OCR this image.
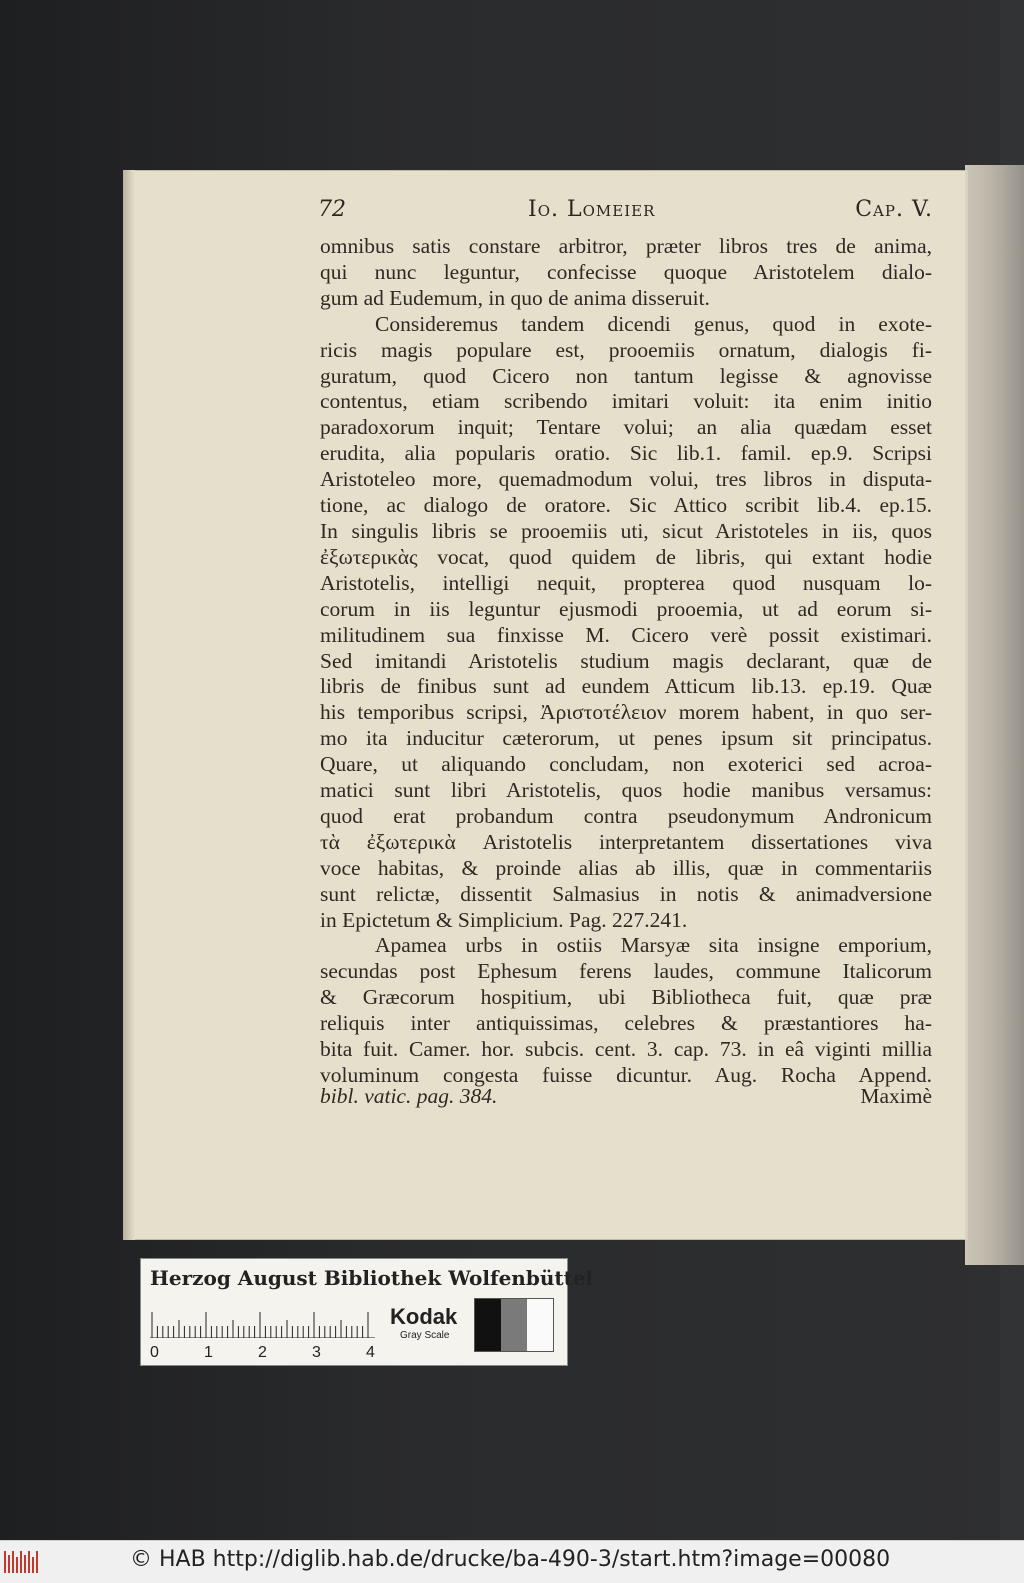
72	Io. Lomeier	Cap. V.
omnibus satis constare arbitror, præter libros tres de anima,
qui nunc leguntur, confecisse quoque Aristotelem dialo-
gum ad Eudemum, in quo de anima disseruit.
Consideremus tandem dicendi genus, quod in exote-
ricis magis populare est, prooemiis ornatum, dialogis fi-
guratum, quod Cicero non tantum legisse & agnovisse
contentus, etiam scribendo imitari voluit: ita enim initio
paradoxorum inquit; Tentare volui; an alia quædam esset
erudita, alia popularis oratio. Sic lib.1. famil. ep.9. Scripsi
Aristoteleo more, quemadmodum volui, tres libros in disputa-
tione, ac dialogo de oratore. Sic Attico scribit lib.4. ep.15.
In singulis libris se prooemiis uti, sicut Aristoteles in iis, quos
ἐξωτερικὰς vocat, quod quidem de libris, qui extant hodie
Aristotelis, intelligi nequit, propterea quod nusquam lo-
corum in iis leguntur ejusmodi prooemia, ut ad eorum si-
militudinem sua finxisse M. Cicero verè possit existimari.
Sed imitandi Aristotelis studium magis declarant, quæ de
libris de finibus sunt ad eundem Atticum lib.13. ep.19. Quæ
his temporibus scripsi, Ἀριστοτέλειον morem habent, in quo ser-
mo ita inducitur cæterorum, ut penes ipsum sit principatus.
Quare, ut aliquando concludam, non exoterici sed acroa-
matici sunt libri Aristotelis, quos hodie manibus versamus:
quod erat probandum contra pseudonymum Andronicum
τὰ ἐξωτερικὰ Aristotelis interpretantem dissertationes viva
voce habitas, & proinde alias ab illis, quæ in commentariis
sunt relictæ, dissentit Salmasius in notis & animadversione
in Epictetum & Simplicium. Pag. 227.241.
Apamea urbs in ostiis Marsyæ sita insigne emporium,
secundas post Ephesum ferens laudes, commune Italicorum
& Græcorum hospitium, ubi Bibliotheca fuit, quæ præ
reliquis inter antiquissimas, celebres & præstantiores ha-
bita fuit. Camer. hor. subcis. cent. 3. cap. 73. in eâ viginti millia
voluminum congesta fuisse dicuntur. Aug. Rocha Append.
bibl. vatic. pag. 384.	Maximè
Herzog August Bibliothek Wolfenbüttel
0	1	2	3	4
Kodak
Gray Scale
© HAB http://diglib.hab.de/drucke/ba-490-3/start.htm?image=00080
